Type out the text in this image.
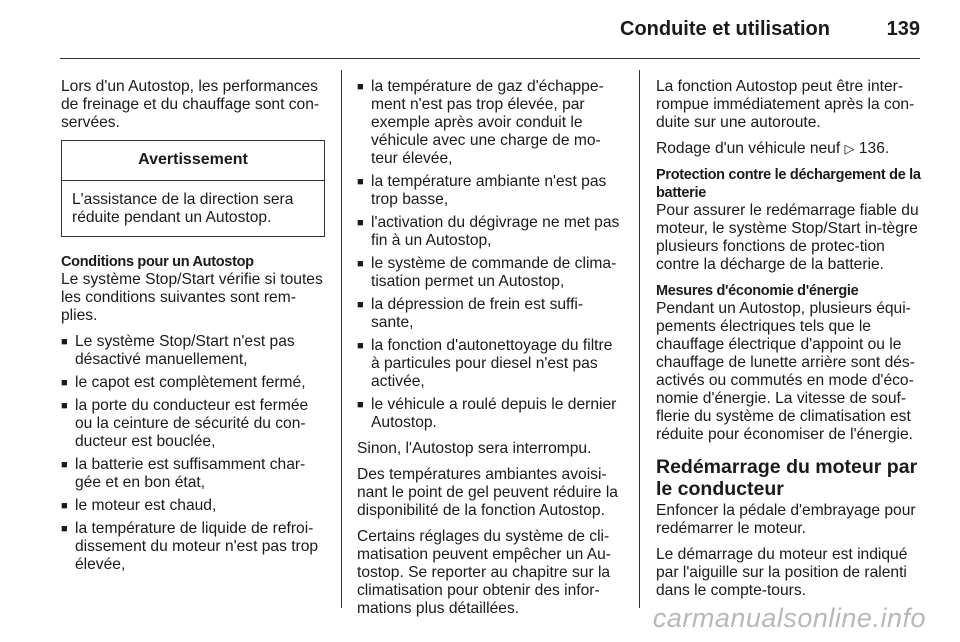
Conduite et utilisation	139

Lors d'un Autostop, les performances de freinage et du chauffage sont con-servées.

Avertissement
L'assistance de la direction sera réduite pendant un Autostop.
Conditions pour un Autostop

Le système Stop/Start vérifie si toutes les conditions suivantes sont rem-plies.

■ Le système Stop/Start n'est pas désactivé manuellement,
■ le capot est complètement fermé,
■ la porte du conducteur est fermée ou la ceinture de sécurité du con-ducteur est bouclée,
■ la batterie est suffisamment char-gée et en bon état,
■ le moteur est chaud,
■ la température de liquide de refroi-dissement du moteur n'est pas trop élevée,
■ la température de gaz d'échappe-ment n'est pas trop élevée, par exemple après avoir conduit le véhicule avec une charge de mo-teur élevée,
■ la température ambiante n'est pas trop basse,
■ l'activation du dégivrage ne met pas fin à un Autostop,
■ le système de commande de clima-tisation permet un Autostop,
■ la dépression de frein est suffi-sante,
■ la fonction d'autonettoyage du filtre à particules pour diesel n'est pas activée,
■ le véhicule a roulé depuis le dernier Autostop.

Sinon, l'Autostop sera interrompu.

Des températures ambiantes avoisi-nant le point de gel peuvent réduire la disponibilité de la fonction Autostop.

Certains réglages du système de cli-matisation peuvent empêcher un Au-tostop. Se reporter au chapitre sur la climatisation pour obtenir des infor-mations plus détaillées.

La fonction Autostop peut être inter-rompue immédiatement après la con-duite sur une autoroute.

Rodage d'un véhicule neuf ▷ 136.

Protection contre le déchargement de la batterie

Pour assurer le redémarrage fiable du moteur, le système Stop/Start in-tègre plusieurs fonctions de protec-tion contre la décharge de la batterie.

Mesures d'économie d'énergie

Pendant un Autostop, plusieurs équi-pements électriques tels que le chauffage électrique d'appoint ou le chauffage de lunette arrière sont dés-activés ou commutés en mode d'éco-nomie d'énergie. La vitesse de souf-flerie du système de climatisation est réduite pour économiser de l'énergie.

Redémarrage du moteur par le conducteur

Enfoncer la pédale d'embrayage pour redémarrer le moteur.

Le démarrage du moteur est indiqué par l'aiguille sur la position de ralenti dans le compte-tours.

carmanualsonline.info
